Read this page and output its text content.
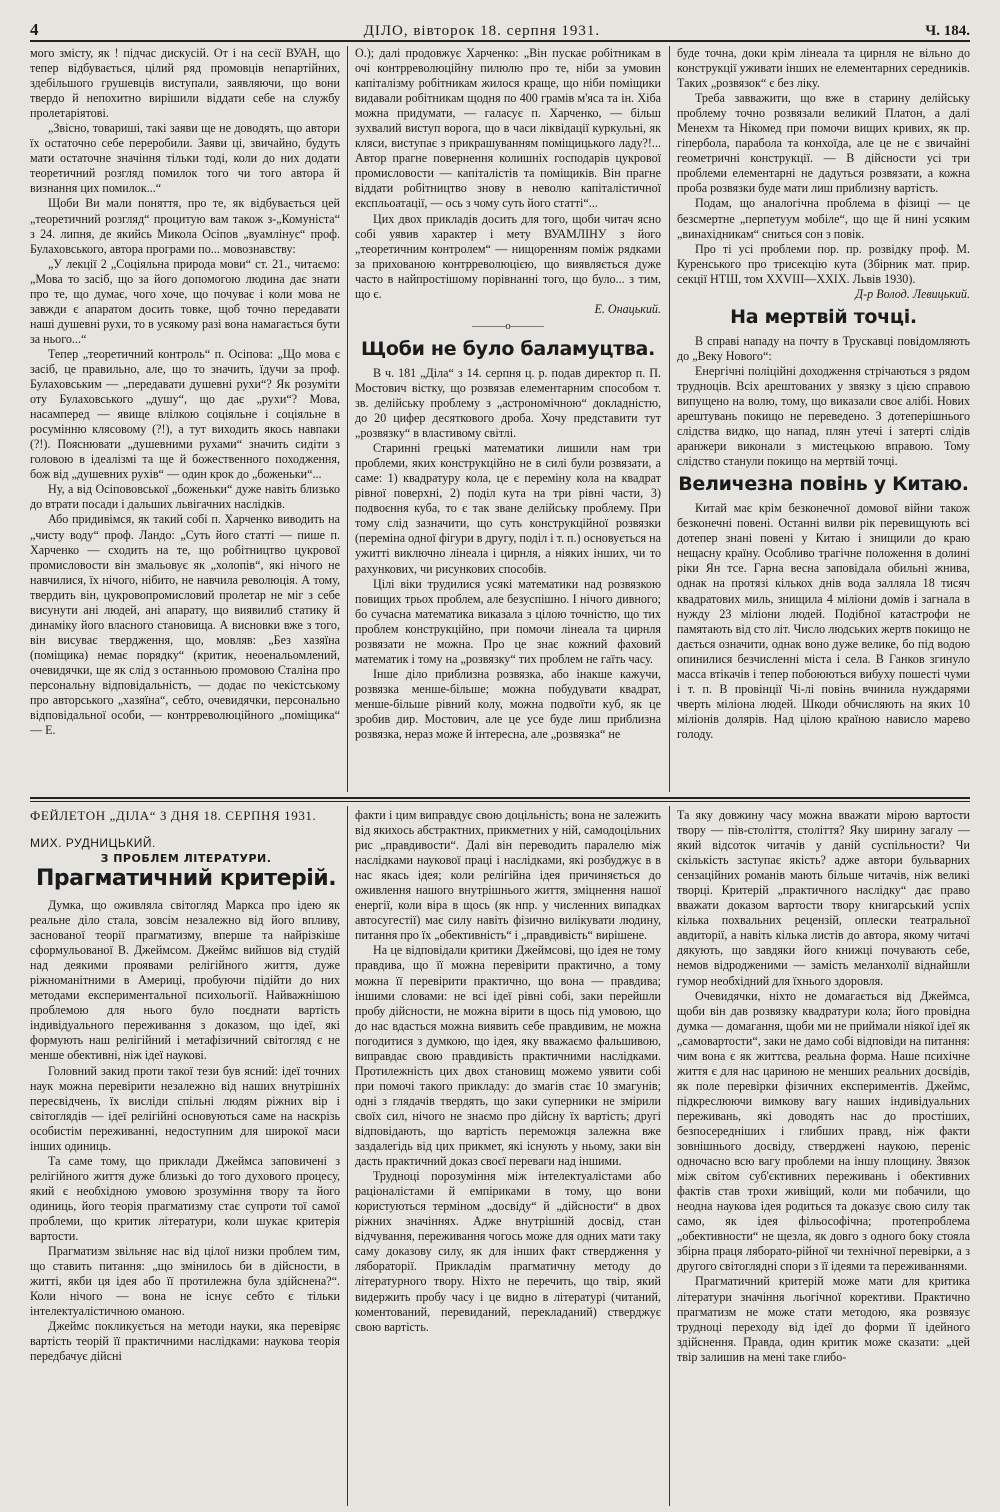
4	ДІЛО, вівторок 18. серпня 1931.	Ч. 184.

мого змісту, як ! підчас дискусій. От і на сесії ВУАН, що тепер відбувається, цілий ряд промовців непартійних, здебільшого грушевців виступали, заявляючи, що вони твердо й непохитно вирішили віддати себе на службу пролетаріятові.

„Звісно, товариші, такі заяви ще не доводять, що автори їх остаточно себе переробили. Заяви ці, звичайно, будуть мати остаточне значіння тільки тоді, коли до них додати теоретичний розгляд помилок того чи того автора й визнання цих помилок...“

Щоби Ви мали поняття, про те, як відбувається цей „теоретичний розгляд“ процитую вам також з-„Комуніста“ з 24. липня, де якийсь Микола Осіпов „вуамлінує“ проф. Булаховського, автора програми по... мовознавству:

„У лекції 2 „Соціяльна природа мови“ ст. 21., читаємо: „Мова то засіб, що за його допомогою людина дає знати про те, що думає, чого хоче, що почуває і коли мова не завжди є апаратом досить товке, щоб точно передавати наші душевні рухи, то в усякому разі вона намагається бути за нього...“

Тепер „теоретичний контроль“ п. Осіпова: „Що мова є засіб, це правильно, але, що то значить, їдучи за проф. Булаховським — „передавати душевні рухи“? Як розуміти оту Булаховського „душу“, що дає „рухи“? Мова, насамперед — явище влілкою соціяльне і соціяльне в росумінню клясовому (?!), а тут виходить якось навпаки (?!). Пояснювати „душевними рухами“ значить сидіти з головою в ідеалізмі та ще й божественного походження, бож від „душевних рухів“ — один крок до „боженьки“...

Ну, а від Осіпововської „боженьки“ дуже навіть близько до втрати посади і дальших львігачних наслідків.

Або придивімся, як такий собі п. Харченко виводить на „чисту воду“ проф. Ландо: „Суть його статті — пише п. Харченко — сходить на те, що робітництво цукрової промисловости він змальовує як „холопів“, які нічого не навчилися, їх нічого, нібито, не навчила революція. А тому, твердить він, цукровопромисловий пролетар не міг з себе висунути ані людей, ані апарату, що виявилиб статику й динаміку його власного становища. А висновки вже з того, він висуває твердження, що, мовляв: „Без хазяїна (поміщика) немає порядку“ (критик, неоенальомлений, очевидячки, ще як слід з останньою промовою Сталіна про персональну відповідальність, — додає по чекістському про авторського „хазяїна“, себто, очевидячки, персонально відповідальної особи, — контрреволюційного „поміщика“ — Е.

О.); далі продовжує Харченко: „Він пускає робітникам в очі контрреволюційну пилюлю про те, ніби за умовин капіталізму робітникам жилося краще, що ніби поміщики видавали робітникам щодня по 400 грамів м'яса та ін. Хіба можна придумати, — галасує п. Харченко, — більш зухвалий виступ ворога, що в часи ліквідації куркульні, як кляси, виступає з прикрашуванням поміщицького ладу?!... Автор прагне повернення колишніх господарів цукрової промисловости — капіталістів та поміщиків. Він прагне віддати робітництво знову в неволю капіталістичної експльоатації, — ось з чому суть його статті“...

Цих двох прикладів досить для того, щоби читач ясно собі уявив характер і мету ВУАМЛІНУ з його „теоретичним контролем“ — нищоренням поміж рядками за прихованою контрреволюцією, що виявляється дуже часто в найпростішому порівнанні того, що було... з тим, що є.

Е. Онацький.

———o———
Щоби не було баламуцтва.

В ч. 181 „Діла“ з 14. серпня ц. р. подав директор п. П. Мостович вістку, що розвязав елементарним способом т. зв. делійську проблему з „астрономічною“ докладністю, до 20 цифер десяткового дроба. Хочу представити тут „розвязку“ в властивому світлі.

Старинні грецькі математики лишили нам три проблеми, яких конструкційно не в силі були розвязати, а саме: 1) квадратуру кола, це є переміну кола на квадрат рівної поверхні, 2) поділ кута на три рівні части, 3) подвоєння куба, то є так зване делійську проблему. При тому слід зазначити, що суть конструкційної розвязки (переміна одної фігури в другу, поділ і т. п.) основується на ужитті виключно лінеала і цирнля, а ніяких інших, чи то рахункових, чи рисункових способів.

Цілі віки трудилися усякі математики над розвязкою повищих трьох проблем, але безуспішно. І нічого дивного; бо сучасна математика виказала з цілою точністю, що тих проблем конструкційно, при помочи лінеала та цирнля розвязати не можна. Про це знає кожний фаховий математик і тому на „розвязку“ тих проблем не гаїть часу.

Інше діло приблизна розвязка, або інакше кажучи, розвязка менше-більше; можна побудувати квадрат, менше-більше рівний колу, можна подвоїти куб, як це зробив дир. Мостович, але це усе буде лиш приблизна розвязка, нераз може й інтересна, але „розвязка“ не

буде точна, доки крім лінеала та цирнля не вільно до конструкції уживати інших не елементарних середників. Таких „розвязок“ є без ліку.

Треба завважити, що вже в старину делійську проблему точно розвязали великий Платон, а далі Менехм та Нікомед при помочи вищих кривих, як пр. гіпербола, парабола та конхоїда, але це не є звичайні геометричні конструкції. — В дійсности усі три проблеми елементарні не дадуться розвязати, а кожна проба розвязки буде мати лиш приблизну вартість.

Подам, що аналогічна проблема в фізиці — це безсмертне „перпетуум мобіле“, що ще й нині усяким „винахідникам“ сниться сон з повік.

Про ті усі проблеми пор. пр. розвідку проф. М. Куренського про трисекцію кута (Збірник мат. прир. секції НТШ, том XXVIII—XXIX. Львів 1930).

Д-р Волод. Левицький.

На мертвій точці.

В справі нападу на почту в Трускавці повідомляють до „Веку Нового“:

Енергічні поліційні доходження стрічаються з рядом трудноців. Всіх арештованих у звязку з цією справою випущено на волю, тому, що виказали своє алібі. Нових арештувань покищо не переведено. З дотеперішнього слідства видко, що напад, плян утечі і затерті слідів аранжери виконали з мистецькою вправою. Тому слідство станули покищо на мертвій точці.

Величезна повінь у Китаю.

Китай має крім безконечної домової війни також безконечні повені. Останні вилви рік перевищують всі дотепер знані повені у Китаю і знищили до краю нещасну країну. Особливо трагічне положення в долині ріки Ян тсе. Гарна весна заповідала обильні жнива, однак на протязі кількох днів вода залляла 18 тисяч квадратових миль, знищила 4 міліони домів і загнала в нужду 23 міліони людей. Подібної катастрофи не памятають від сто літ. Число людських жертв покищо не дається означити, однак воно дуже велике, бо під водою опинилися безчисленні міста і села. В Ганков згинуло масса втікачів і тепер побоюються вибуху пошесті чуми і т. п. В провінції Чі-лі повінь вчинила нуждарями чверть міліона людей. Шкоди обчисляють на яких 10 міліонів долярів. Над цілою країною нависло марево голоду.

ФЕЙЛЕТОН „ДІЛА“ З ДНЯ 18. СЕРПНЯ 1931.
МИХ. РУДНИЦЬКИЙ.
З ПРОБЛЕМ ЛІТЕРАТУРИ.
Прагматичний критерій.

Думка, що оживляла світогляд Маркса про ідею як реальне діло стала, зовсім незалежно від його впливу, заснованої теорії прагматизму, вперше та найрізкіше сформульованої В. Джеймсом. Джеймс вийшов від студій над деякими проявами релігійного життя, дуже ріжноманітними в Америці, пробуючи підійти до них методами експериментальної психольогії. Найважнішою проблемою для нього було поєднати вартість індивідуального переживання з доказом, що ідеї, які формують наш релігійний і метафізичний світогляд є не менше обективні, ніж ідеї наукові.

Головний закид проти такої тези був ясний: ідеї точних наук можна перевірити незалежно від наших внутрішніх пересвідчень, їх висліди спільні людям ріжних вір і світоглядів — ідеї релігійні основуються саме на наскрізь особистім переживанні, недоступним для широкої маси інших одиниць.

Та саме тому, що приклади Джеймса заповичені з релігійного життя дуже близькі до того духового процесу, який є необхідною умовою зрозуміння твору та його одиниць, його теорія прагматизму стає супроти тої самої проблеми, що критик літератури, коли шукає критерія вартости.

Прагматизм звільняє нас від цілої низки проблем тим, що ставить питання: „що змінилось би в дійсности, в житті, якби ця ідея або її протилежна була здійснена?“. Коли нічого — вона не існує себто є тільки інтелектуалістичною оманою.

Джеймс покликується на методи науки, яка перевіряє вартість теорій її практичними наслідками: наукова теорія передбачує дійсні

факти і цим виправдує свою доцільність; вона не залежить від якихось абстрактних, прикметних у ній, самодоцільних рис „правдивости“. Далі він переводить паралелю між наслідками наукової праці і наслідками, які розбуджує в в нас якась ідея; коли релігійна ідея причиняється до оживлення нашого внутрішнього життя, зміцнення нашої енергії, коли віра в щось (як нпр. у численних випадках автосугестії) має силу навіть фізично вилікувати людину, питання про їх „обективність“ і „правдивість“ вирішене.

На це відповідали критики Джеймсові, що ідея не тому правдива, що її можна перевірити практично, а тому можна її перевірити практично, що вона — правдива; іншими словами: не всі ідеї рівні собі, заки перейшли пробу дійсности, не можна вірити в щось під умовою, що до нас вдасться можна виявить себе правдивим, не можна погодитися з думкою, що ідея, яку вважаємо фальшивою, виправдає свою правдивість практичними наслідками. Протилежність цих двох становищ можемо уявити собі при помочі такого прикладу: до змагів стає 10 змагунів; одні з глядачів твердять, що заки суперники не змірили своїх сил, нічого не знаємо про дійсну їх вартість; другі відповідають, що вартість переможця залежна вже заздалегідь від цих прикмет, які існують у ньому, заки він дасть практичний доказ своєї переваги над іншими.

Трудноці порозуміння між інтелектуалістами або раціоналістами й емпіриками в тому, що вони користуються терміном „досвіду“ й „дійсности“ в двох ріжних значіннях. Адже внутрішній досвід, стан відчування, переживання чогось може для одних мати таку саму доказову силу, як для інших факт ствердження у лябораторії. Прикладім прагматичну методу до літературного твору. Ніхто не перечить, що твір, який видержить пробу часу і це видно в літературі (читаний, коментований, перевиданий, перекладаний) стверджує свою вартість.

Та яку довжину часу можна вважати мірою вартости твору — пів-століття, століття? Яку ширину загалу — який відсоток читачів у даній суспільности? Чи скількість заступає якість? адже автори бульварних сензаційних романів мають більше читачів, ніж великі творці. Критерій „практичного наслідку“ дає право вважати доказом вартости твору книгарський успіх кілька похвальних рецензій, оплески театральної авдиторії, а навіть кілька листів до автора, якому читачі дякують, що завдяки його книжці почувають себе, немов відродженими — замість меланхолії віднайшли гумор необхідний для їхнього здоровля.

Очевидячки, ніхто не домагається від Джеймса, щоби він дав розвязку квадратури кола; його провідна думка — домагання, щоби ми не приймали ніякої ідеї як „самовартости“, заки не дамо собі відповіди на питання: чим вона є як життєва, реальна форма. Наше психічне життя є для нас цариною не менших реальних досвідів, як поле перевірки фізичних експериментів. Джеймс, підкреслюючи вимкову вагу наших індивідуальних переживань, які доводять нас до простіших, безпосередніших і глибших правд, ніж факти зовнішнього досвіду, стверджені наукою, переніс одночасно всю вагу проблеми на іншу площину. Звязок між світом суб'єктивних переживань і обективних фактів став трохи живіщий, коли ми побачили, що неодна наукова ідея родиться та доказує свою силу так само, як ідея фільософічна; протепроблема „обективности“ не щезла, як довго з одного боку стояла збірна праця ляборато-рійної чи технічної перевірки, а з другого світоглядні спори з її ідеями та переживаннями.

Прагматичний критерій може мати для критика літератури значіння льогічної корективи. Практично прагматизм не може стати методою, яка розвязує трудноці переходу від ідеї до форми її ідейного здійснення. Правда, один критик може сказати: „цей твір залишив на мені таке глибо-
